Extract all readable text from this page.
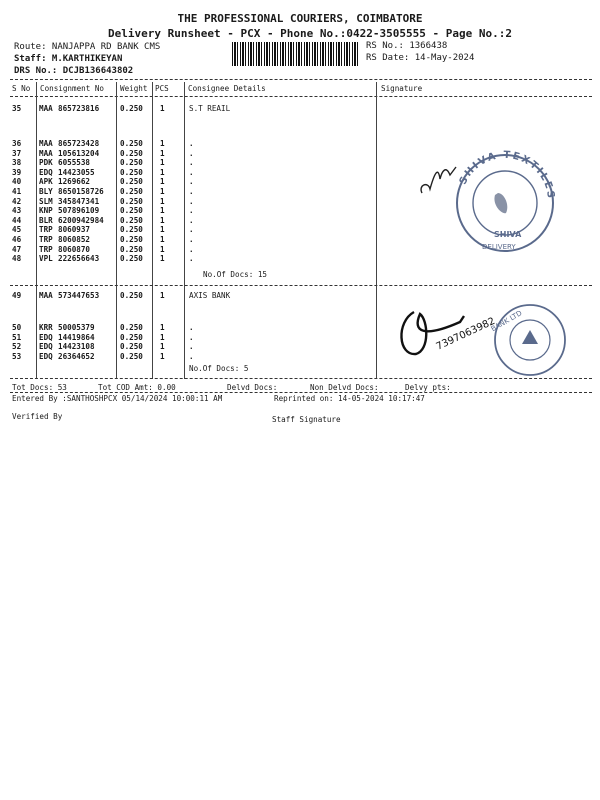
THE PROFESSIONAL COURIERS, COIMBATORE
Delivery Runsheet - PCX - Phone No.:0422-3505555 - Page No.:2
Route: NANJAPPA RD BANK CMS
Staff: M.KARTHIKEYAN
DRS No.: DCJB136643802
RS No.: 1366438
RS Date: 14-May-2024
S No Consignment No Weight PCS	Consignee Details	Signature
35 MAA 865723816	0.250 1	S.T REAIL
36 MAA 865723428	0.250 1	.
37 MAA 105613204	0.250 1	.
38 PDK 6055538	0.250 1	.
39 EDQ 14423055	0.250 1	.
40 APK 1269662	0.250 1	.
41 BLY 8650158726 0.250 1	.
42 SLM 345847341	0.250 1	.
43 KNP 507896109	0.250 1	.
44 BLR 6200942984 0.250 1	.
45 TRP 8060937	0.250 1	.
46 TRP 8060852	0.250 1	.
47 TRP 8060870	0.250 1	.
48 VPL 222656643	0.250 1	.
No.Of Docs: 15
49 MAA 573447653	0.250 1	AXIS BANK
50 KRR 50005379	0.250 1	.
51 EDQ 14419864	0.250 1	.
52 EDQ 14423108	0.250 1	.
53 EDQ 26364652	0.250 1	.
No.Of Docs: 5
Tot Docs: 53	Tot COD Amt: 0.00	Delvd Docs:	Non Delvd Docs:	Delvy pts:
Entered By :SANTHOSHPCX 05/14/2024 10:00:11 AM	Reprinted on: 14-05-2024 10:17:47
Verified By	Staff Signature
SHIVA TEXTILES
SHIVA
DELIVERY
7397063982
BANK LTD
